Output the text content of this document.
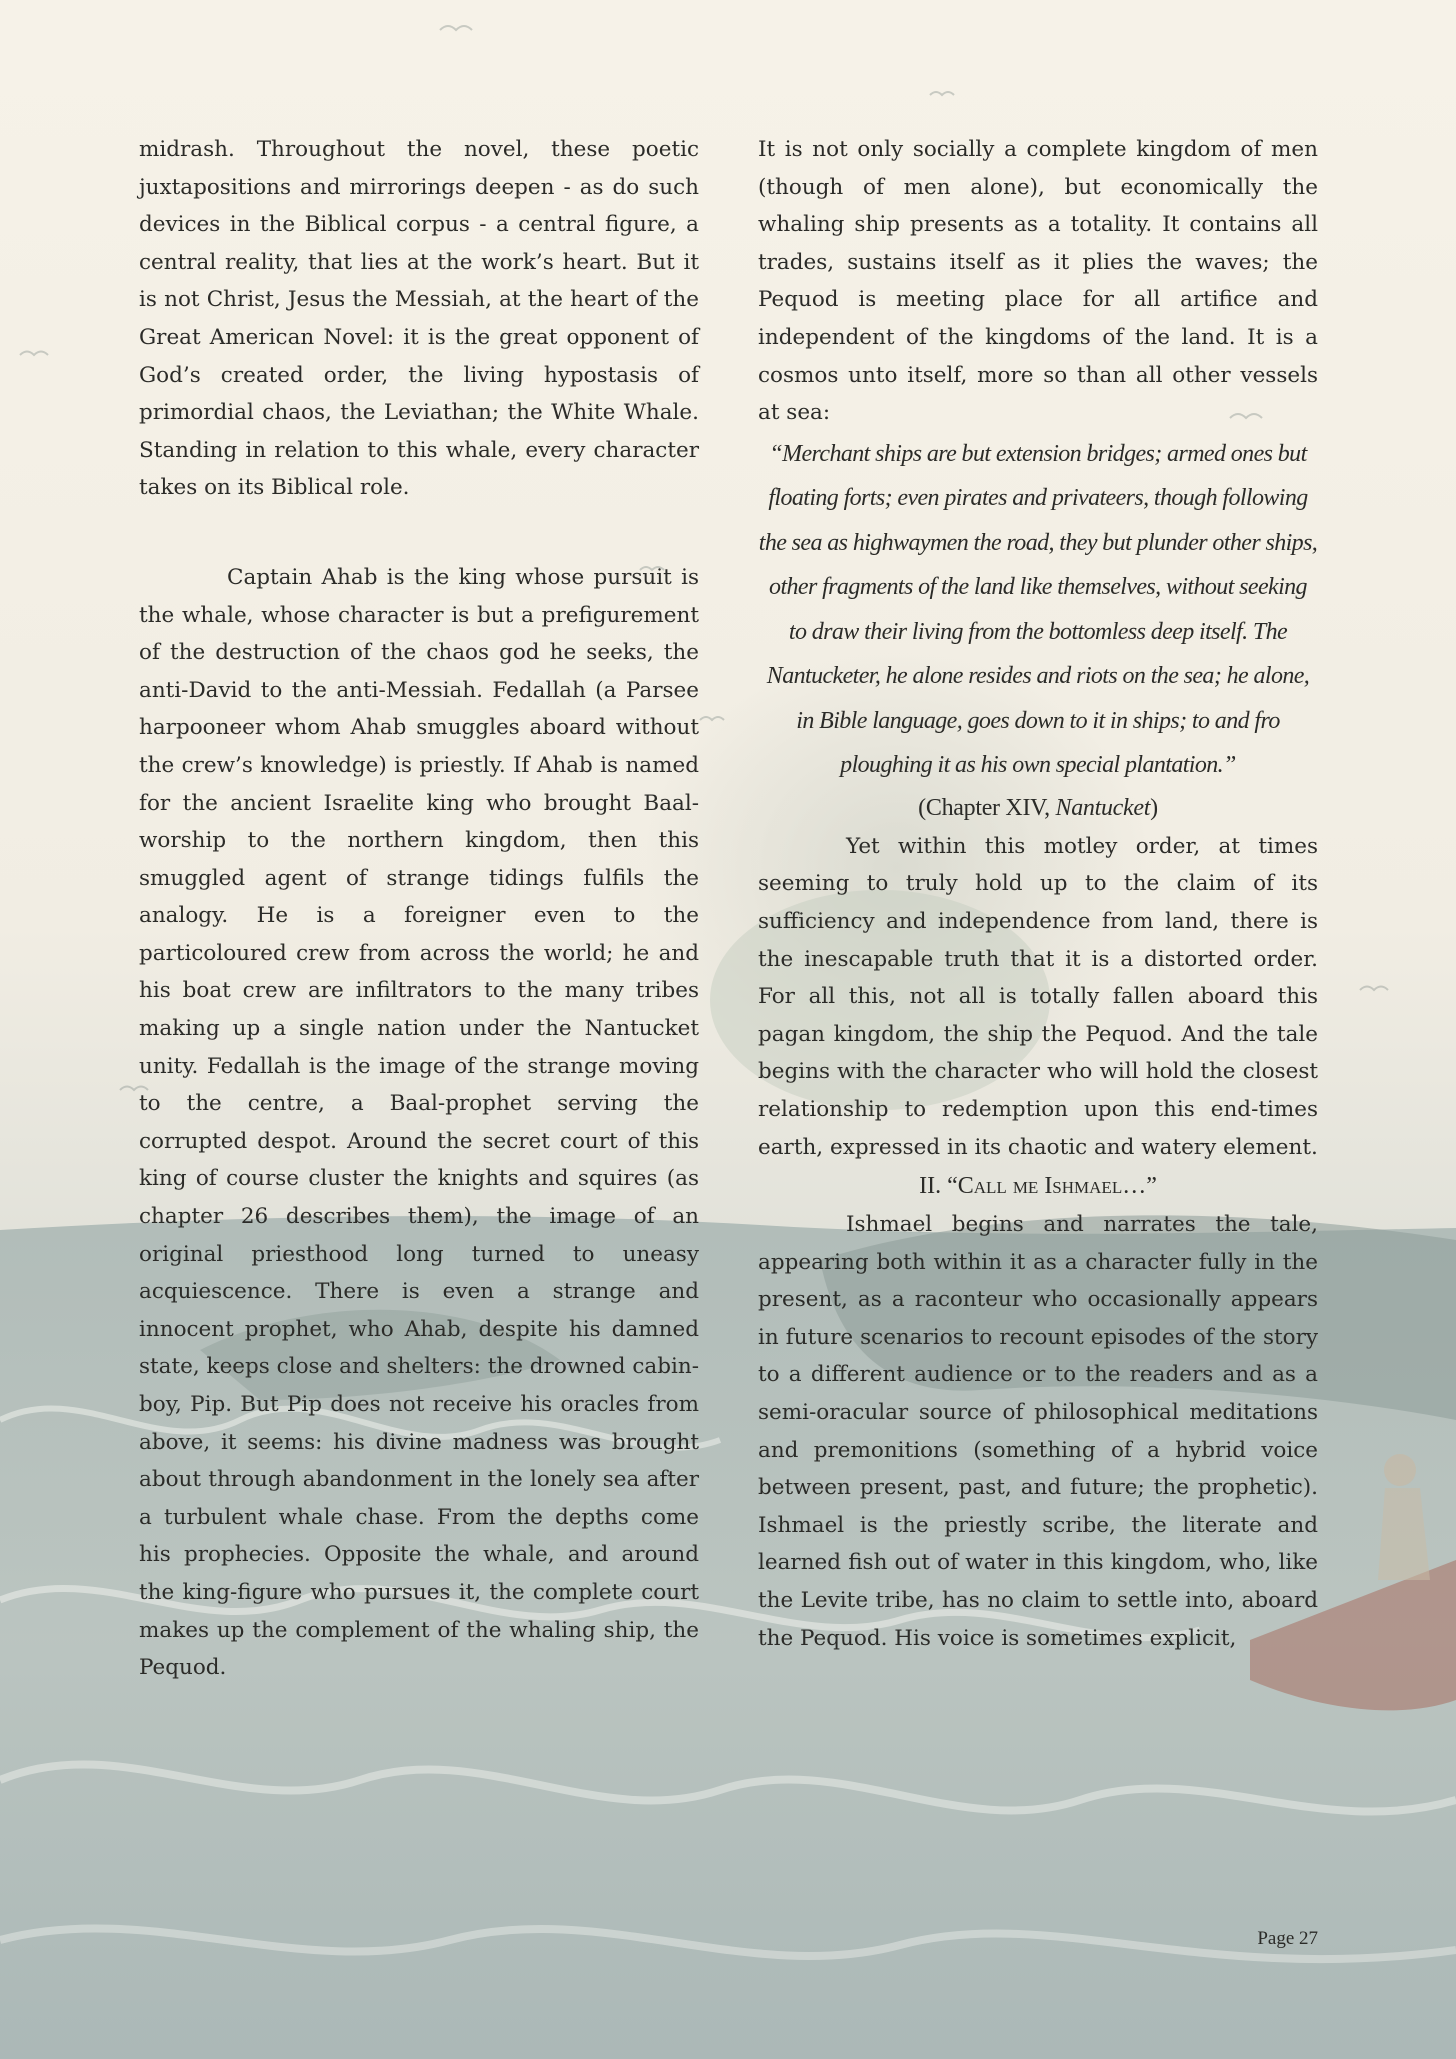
midrash. Throughout the novel, these poetic juxtapositions and mirrorings deepen - as do such devices in the Biblical corpus - a central figure, a central reality, that lies at the work’s heart. But it is not Christ, Jesus the Messiah, at the heart of the Great American Novel: it is the great opponent of God’s created order, the living hypostasis of primordial chaos, the Leviathan; the White Whale. Standing in relation to this whale, every character takes on its Biblical role.

Captain Ahab is the king whose pursuit is the whale, whose character is but a prefigurement of the destruction of the chaos god he seeks, the anti-David to the anti-Messiah. Fedallah (a Parsee harpooneer whom Ahab smuggles aboard without the crew’s knowledge) is priestly. If Ahab is named for the ancient Israelite king who brought Baal-worship to the northern kingdom, then this smuggled agent of strange tidings fulfils the analogy. He is a foreigner even to the particoloured crew from across the world; he and his boat crew are infiltrators to the many tribes making up a single nation under the Nantucket unity. Fedallah is the image of the strange moving to the centre, a Baal-prophet serving the corrupted despot. Around the secret court of this king of course cluster the knights and squires (as chapter 26 describes them), the image of an original priesthood long turned to uneasy acquiescence. There is even a strange and innocent prophet, who Ahab, despite his damned state, keeps close and shelters: the drowned cabin-boy, Pip. But Pip does not receive his oracles from above, it seems: his divine madness was brought about through abandonment in the lonely sea after a turbulent whale chase. From the depths come his prophecies. Opposite the whale, and around the king-figure who pursues it, the complete court makes up the complement of the whaling ship, the Pequod.

It is not only socially a complete kingdom of men (though of men alone), but economically the whaling ship presents as a totality. It contains all trades, sustains itself as it plies the waves; the Pequod is meeting place for all artifice and independent of the kingdoms of the land. It is a cosmos unto itself, more so than all other vessels at sea:

“Merchant ships are but extension bridges; armed ones but floating forts; even pirates and privateers, though following the sea as highwaymen the road, they but plunder other ships, other fragments of the land like themselves, without seeking to draw their living from the bottomless deep itself. The Nantucketer, he alone resides and riots on the sea; he alone, in Bible language, goes down to it in ships; to and fro ploughing it as his own special plantation.”

(Chapter XIV, Nantucket)

Yet within this motley order, at times seeming to truly hold up to the claim of its sufficiency and independence from land, there is the inescapable truth that it is a distorted order. For all this, not all is totally fallen aboard this pagan kingdom, the ship the Pequod. And the tale begins with the character who will hold the closest relationship to redemption upon this end-times earth, expressed in its chaotic and watery element.

II. “Call me Ishmael…”

Ishmael begins and narrates the tale, appearing both within it as a character fully in the present, as a raconteur who occasionally appears in future scenarios to recount episodes of the story to a different audience or to the readers and as a semi-oracular source of philosophical meditations and premonitions (something of a hybrid voice between present, past, and future; the prophetic). Ishmael is the priestly scribe, the literate and learned fish out of water in this kingdom, who, like the Levite tribe, has no claim to settle into, aboard the Pequod. His voice is sometimes explicit,

Page 27
